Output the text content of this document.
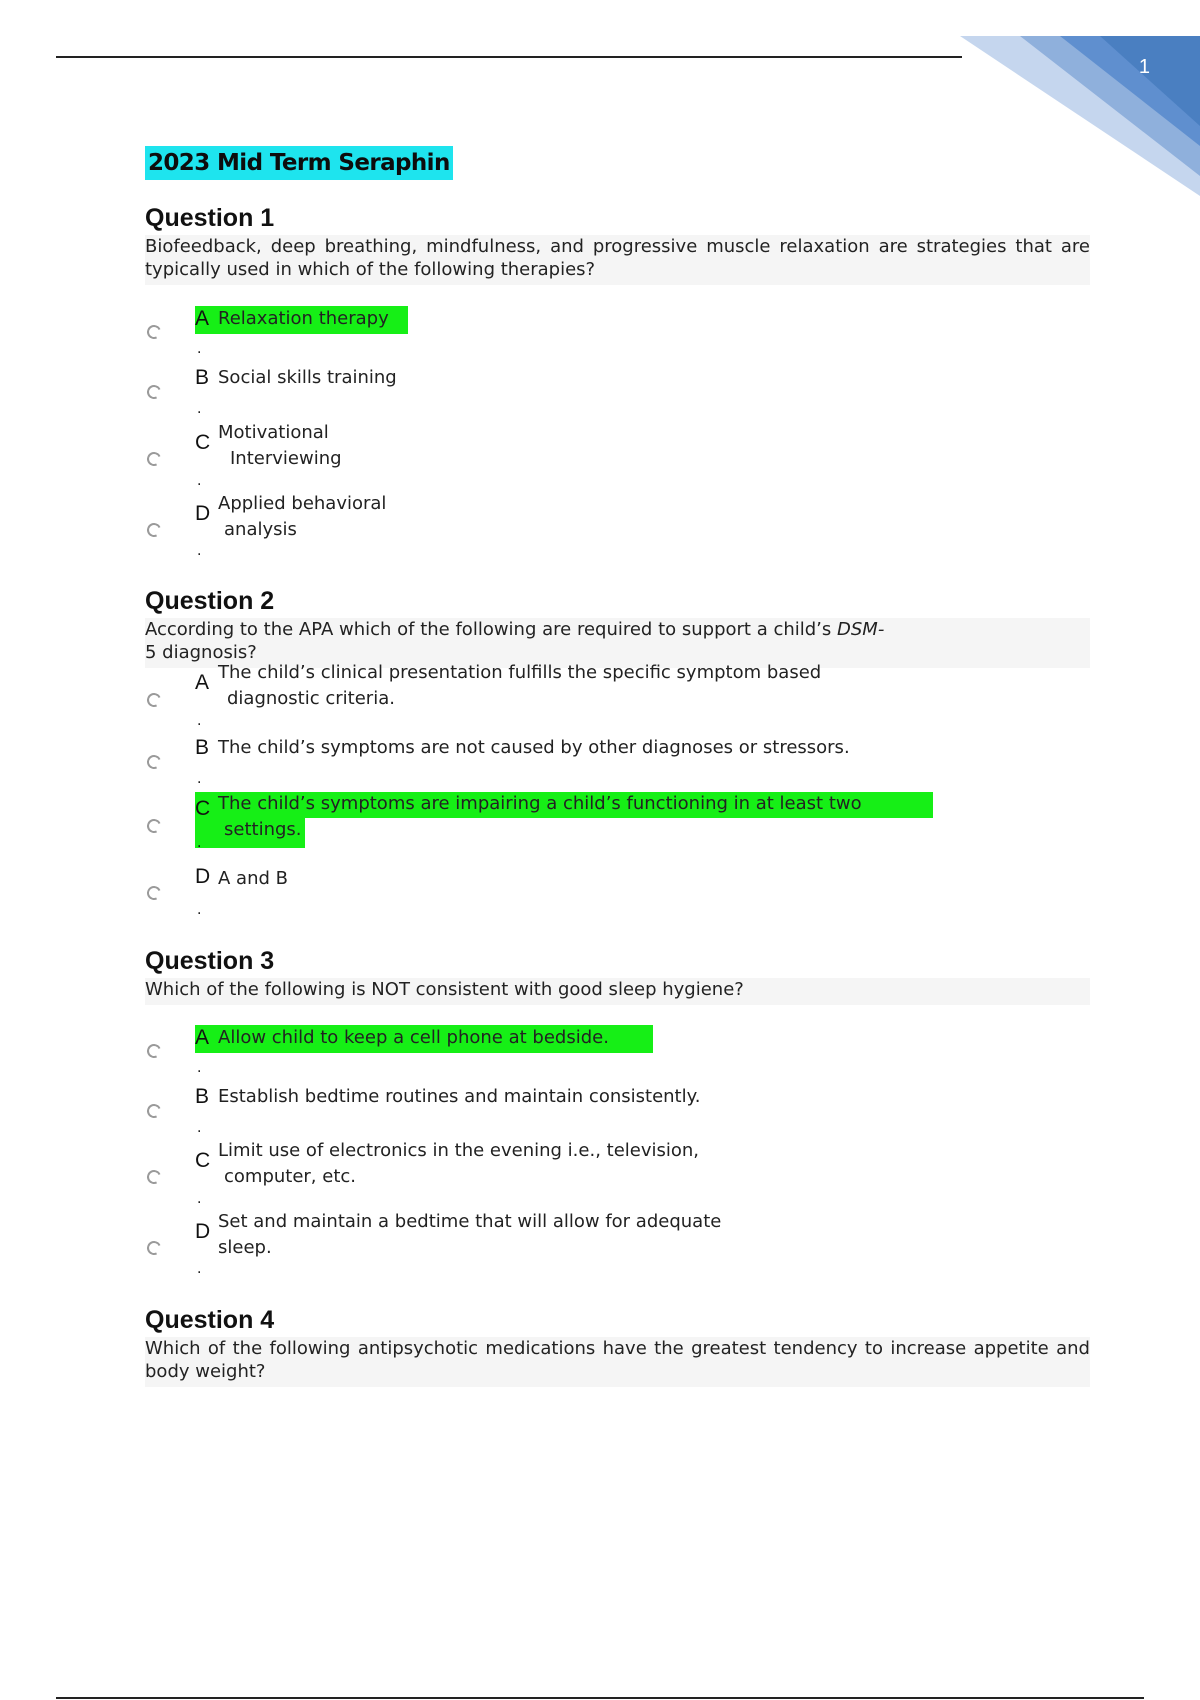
1
2023 Mid Term Seraphin
Question 1
Biofeedback, deep breathing, mindfulness, and progressive muscle relaxation are strategies that are typically used in which of the following therapies?
A Relaxation therapy
.
B Social skills training
.
C Motivational
Interviewing
.
D Applied behavioral
analysis
.
Question 2
According to the APA which of the following are required to support a child’s DSM-
5 diagnosis?
A The child’s clinical presentation fulfills the specific symptom based
diagnostic criteria.
.
B The child’s symptoms are not caused by other diagnoses or stressors.
.
C The child’s symptoms are impairing a child’s functioning in at least two
settings.
.
D A and B
.
Question 3
Which of the following is NOT consistent with good sleep hygiene?
A Allow child to keep a cell phone at bedside.
.
B Establish bedtime routines and maintain consistently.
.
C Limit use of electronics in the evening i.e., television,
computer, etc.
.
D Set and maintain a bedtime that will allow for adequate
sleep.
.
Question 4
Which of the following antipsychotic medications have the greatest tendency to increase appetite and body weight?
